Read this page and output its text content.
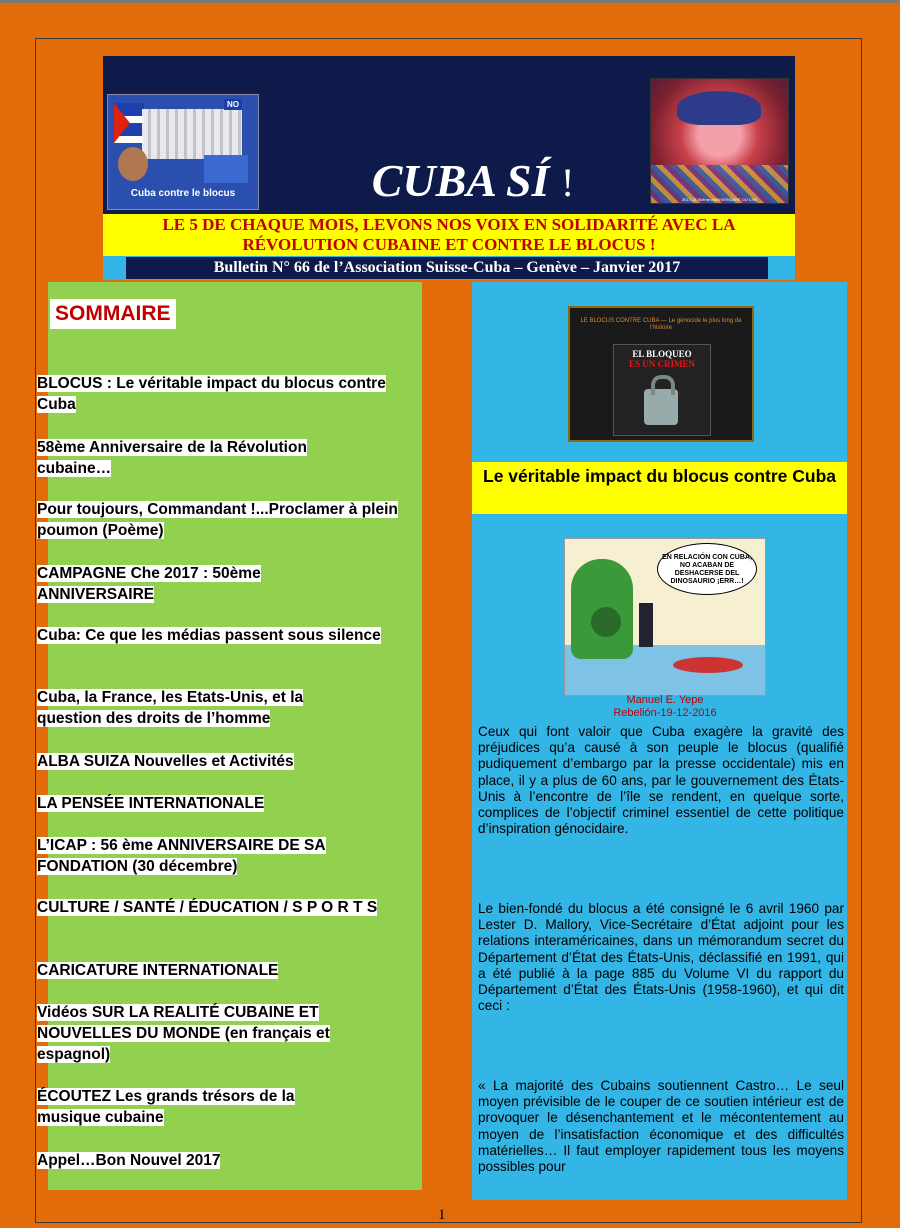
NO
Cuba contre le blocus	CUBA SÍ !	2017 LE 50ème ANNIVERSAIRE DU CHE
LE 5 DE CHAQUE MOIS, LEVONS NOS VOIX EN SOLIDARITÉ AVEC LA
RÉVOLUTION CUBAINE ET CONTRE LE BLOCUS !
Bulletin N° 66 de l’Association Suisse-Cuba – Genève – Janvier 2017
SOMMAIRE
BLOCUS : Le véritable impact du blocus contre Cuba
58ème Anniversaire de la Révolution cubaine…
Pour toujours, Commandant !...Proclamer à plein poumon (Poème)
CAMPAGNE Che 2017 : 50ème ANNIVERSAIRE
Cuba: Ce que les médias passent sous silence
Cuba, la France, les Etats-Unis, et la question des droits de l’homme
ALBA SUIZA Nouvelles et Activités
LA PENSÉE INTERNATIONALE
L’ICAP : 56 ème ANNIVERSAIRE DE SA FONDATION (30 décembre)
CULTURE / SANTÉ / ÉDUCATION / S P O R T S
CARICATURE INTERNATIONALE
Vidéos SUR LA REALITÉ CUBAINE ET NOUVELLES DU MONDE (en français et espagnol)
ÉCOUTEZ Les grands trésors de la musique cubaine
Appel…Bon Nouvel 2017
LE BLOCUS CONTRE CUBA — Le génocide le plus long de l’histoire
EL BLOQUEO
ES UN CRIMEN
Le véritable impact du blocus contre Cuba
EN RELACIÓN CON CUBA, NO ACABAN DE DESHACERSE DEL DINOSAURIO ¡ERR…!
Manuel E. Yepe
Rebelión-19-12-2016
Ceux qui font valoir que Cuba exagère la gravité des préjudices qu’a causé à son peuple le blocus (qualifié pudiquement d’embargo par la presse occidentale) mis en place, il y a plus de 60 ans, par le gouvernement des États-Unis à l’encontre de l’île se rendent, en quelque sorte, complices de l’objectif criminel essentiel de cette politique d’inspiration génocidaire.
Le bien-fondé du blocus a été consigné le 6 avril 1960 par Lester D. Mallory, Vice-Secrétaire d’État adjoint pour les relations interaméricaines, dans un mémorandum secret du Département d’État des États-Unis, déclassifié en 1991, qui a été publié à la page 885 du Volume VI du rapport du Département d’État des États-Unis (1958-1960), et qui dit ceci :
« La majorité des Cubains soutiennent Castro… Le seul moyen prévisible de le couper de ce soutien intérieur est de provoquer le désenchantement et le mécontentement au moyen de l’insatisfaction économique et des difficultés matérielles… Il faut employer rapidement tous les moyens possibles pour
1
